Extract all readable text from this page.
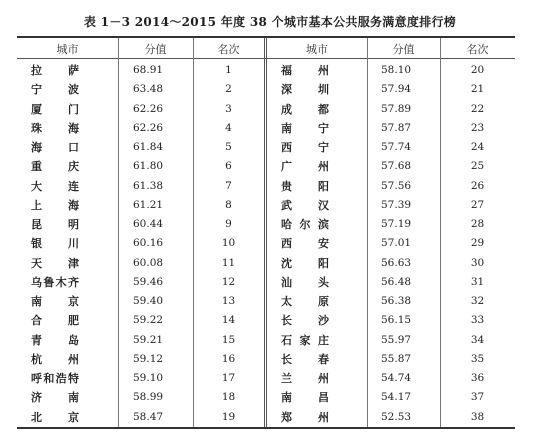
表 1－3 2014～2015 年度 38 个城市基本公共服务满意度排行榜
城市	分值	名次	城市	分值	名次
拉萨	68.91	1	福州	58.10	20
宁波	63.48	2	深圳	57.94	21
厦门	62.26	3	成都	57.89	22
珠海	62.26	4	南宁	57.87	23
海口	61.84	5	西宁	57.74	24
重庆	61.80	6	广州	57.68	25
大连	61.38	7	贵阳	57.56	26
上海	61.21	8	武汉	57.39	27
昆明	60.44	9	哈尔滨	57.19	28
银川	60.16	10	西安	57.01	29
天津	60.08	11	沈阳	56.63	30
乌鲁木齐	59.46	12	汕头	56.48	31
南京	59.40	13	太原	56.38	32
合肥	59.22	14	长沙	56.15	33
青岛	59.21	15	石家庄	55.97	34
杭州	59.12	16	长春	55.87	35
呼和浩特	59.10	17	兰州	54.74	36
济南	58.99	18	南昌	54.17	37
北京	58.47	19	郑州	52.53	38
